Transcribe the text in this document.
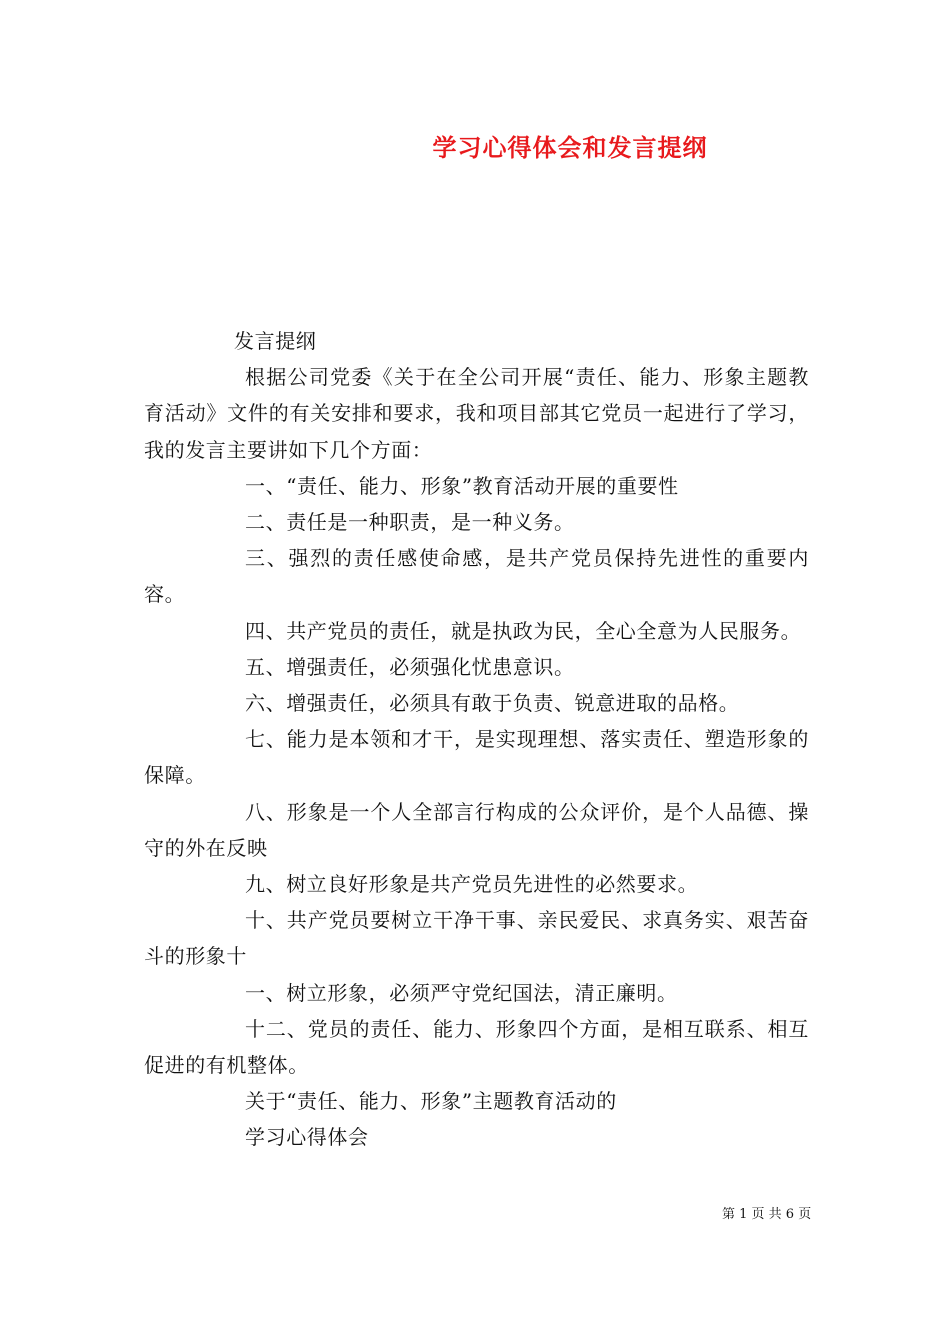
学习心得体会和发言提纲

发言提纲

根据公司党委《关于在全公司开展“责任、能力、形象主题教育活动》文件的有关安排和要求，我和项目部其它党员一起进行了学习，我的发言主要讲如下几个方面：

一、“责任、能力、形象”教育活动开展的重要性

二、责任是一种职责，是一种义务。

三、强烈的责任感使命感，是共产党员保持先进性的重要内容。

四、共产党员的责任，就是执政为民，全心全意为人民服务。

五、增强责任，必须强化忧患意识。

六、增强责任，必须具有敢于负责、锐意进取的品格。

七、能力是本领和才干，是实现理想、落实责任、塑造形象的保障。

八、形象是一个人全部言行构成的公众评价，是个人品德、操守的外在反映

九、树立良好形象是共产党员先进性的必然要求。

十、共产党员要树立干净干事、亲民爱民、求真务实、艰苦奋斗的形象十

一、树立形象，必须严守党纪国法，清正廉明。

十二、党员的责任、能力、形象四个方面，是相互联系、相互促进的有机整体。

关于“责任、能力、形象”主题教育活动的

学习心得体会

第 1 页 共 6 页
